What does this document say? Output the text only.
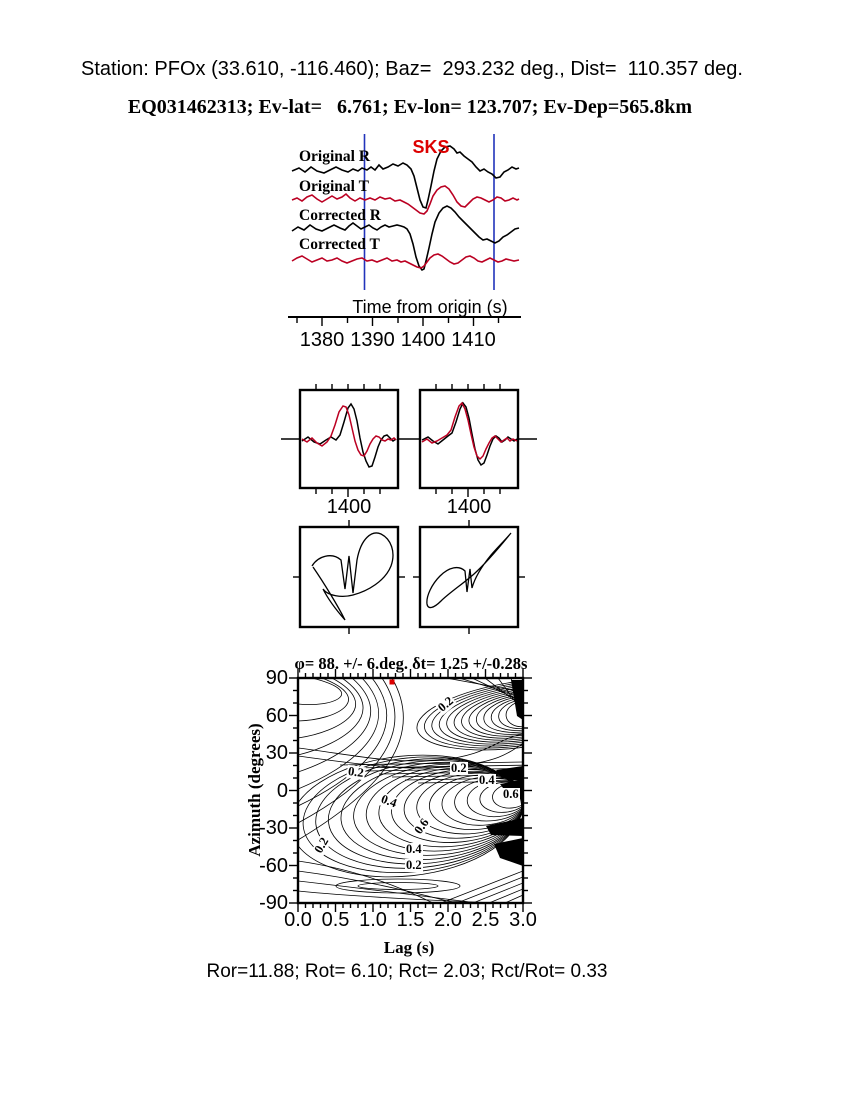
Station: PFOx (33.610, -116.460); Baz=  293.232 deg., Dist=  110.357 deg.
EQ031462313; Ev-lat=   6.761; Ev-lon= 123.707; Ev-Dep=565.8km
SKS
Time from origin (s)
φ= 88. +/- 6.deg. δt= 1.25 +/-0.28s
Azimuth (degrees)
Lag (s)
Ror=11.88; Rot= 6.10; Rct= 2.03; Rct/Rot= 0.33
Original R
Original T
Corrected R
Corrected T
1380 1390 1400 1410
1400	1400
0.0 0.5 1.0 1.5 2.0 2.5 3.0
90
60
30
0
-30
-60
-90
0.2
0.2	0.2
0.4
0.6
0.4
0.6
0.2	0.4
0.2
